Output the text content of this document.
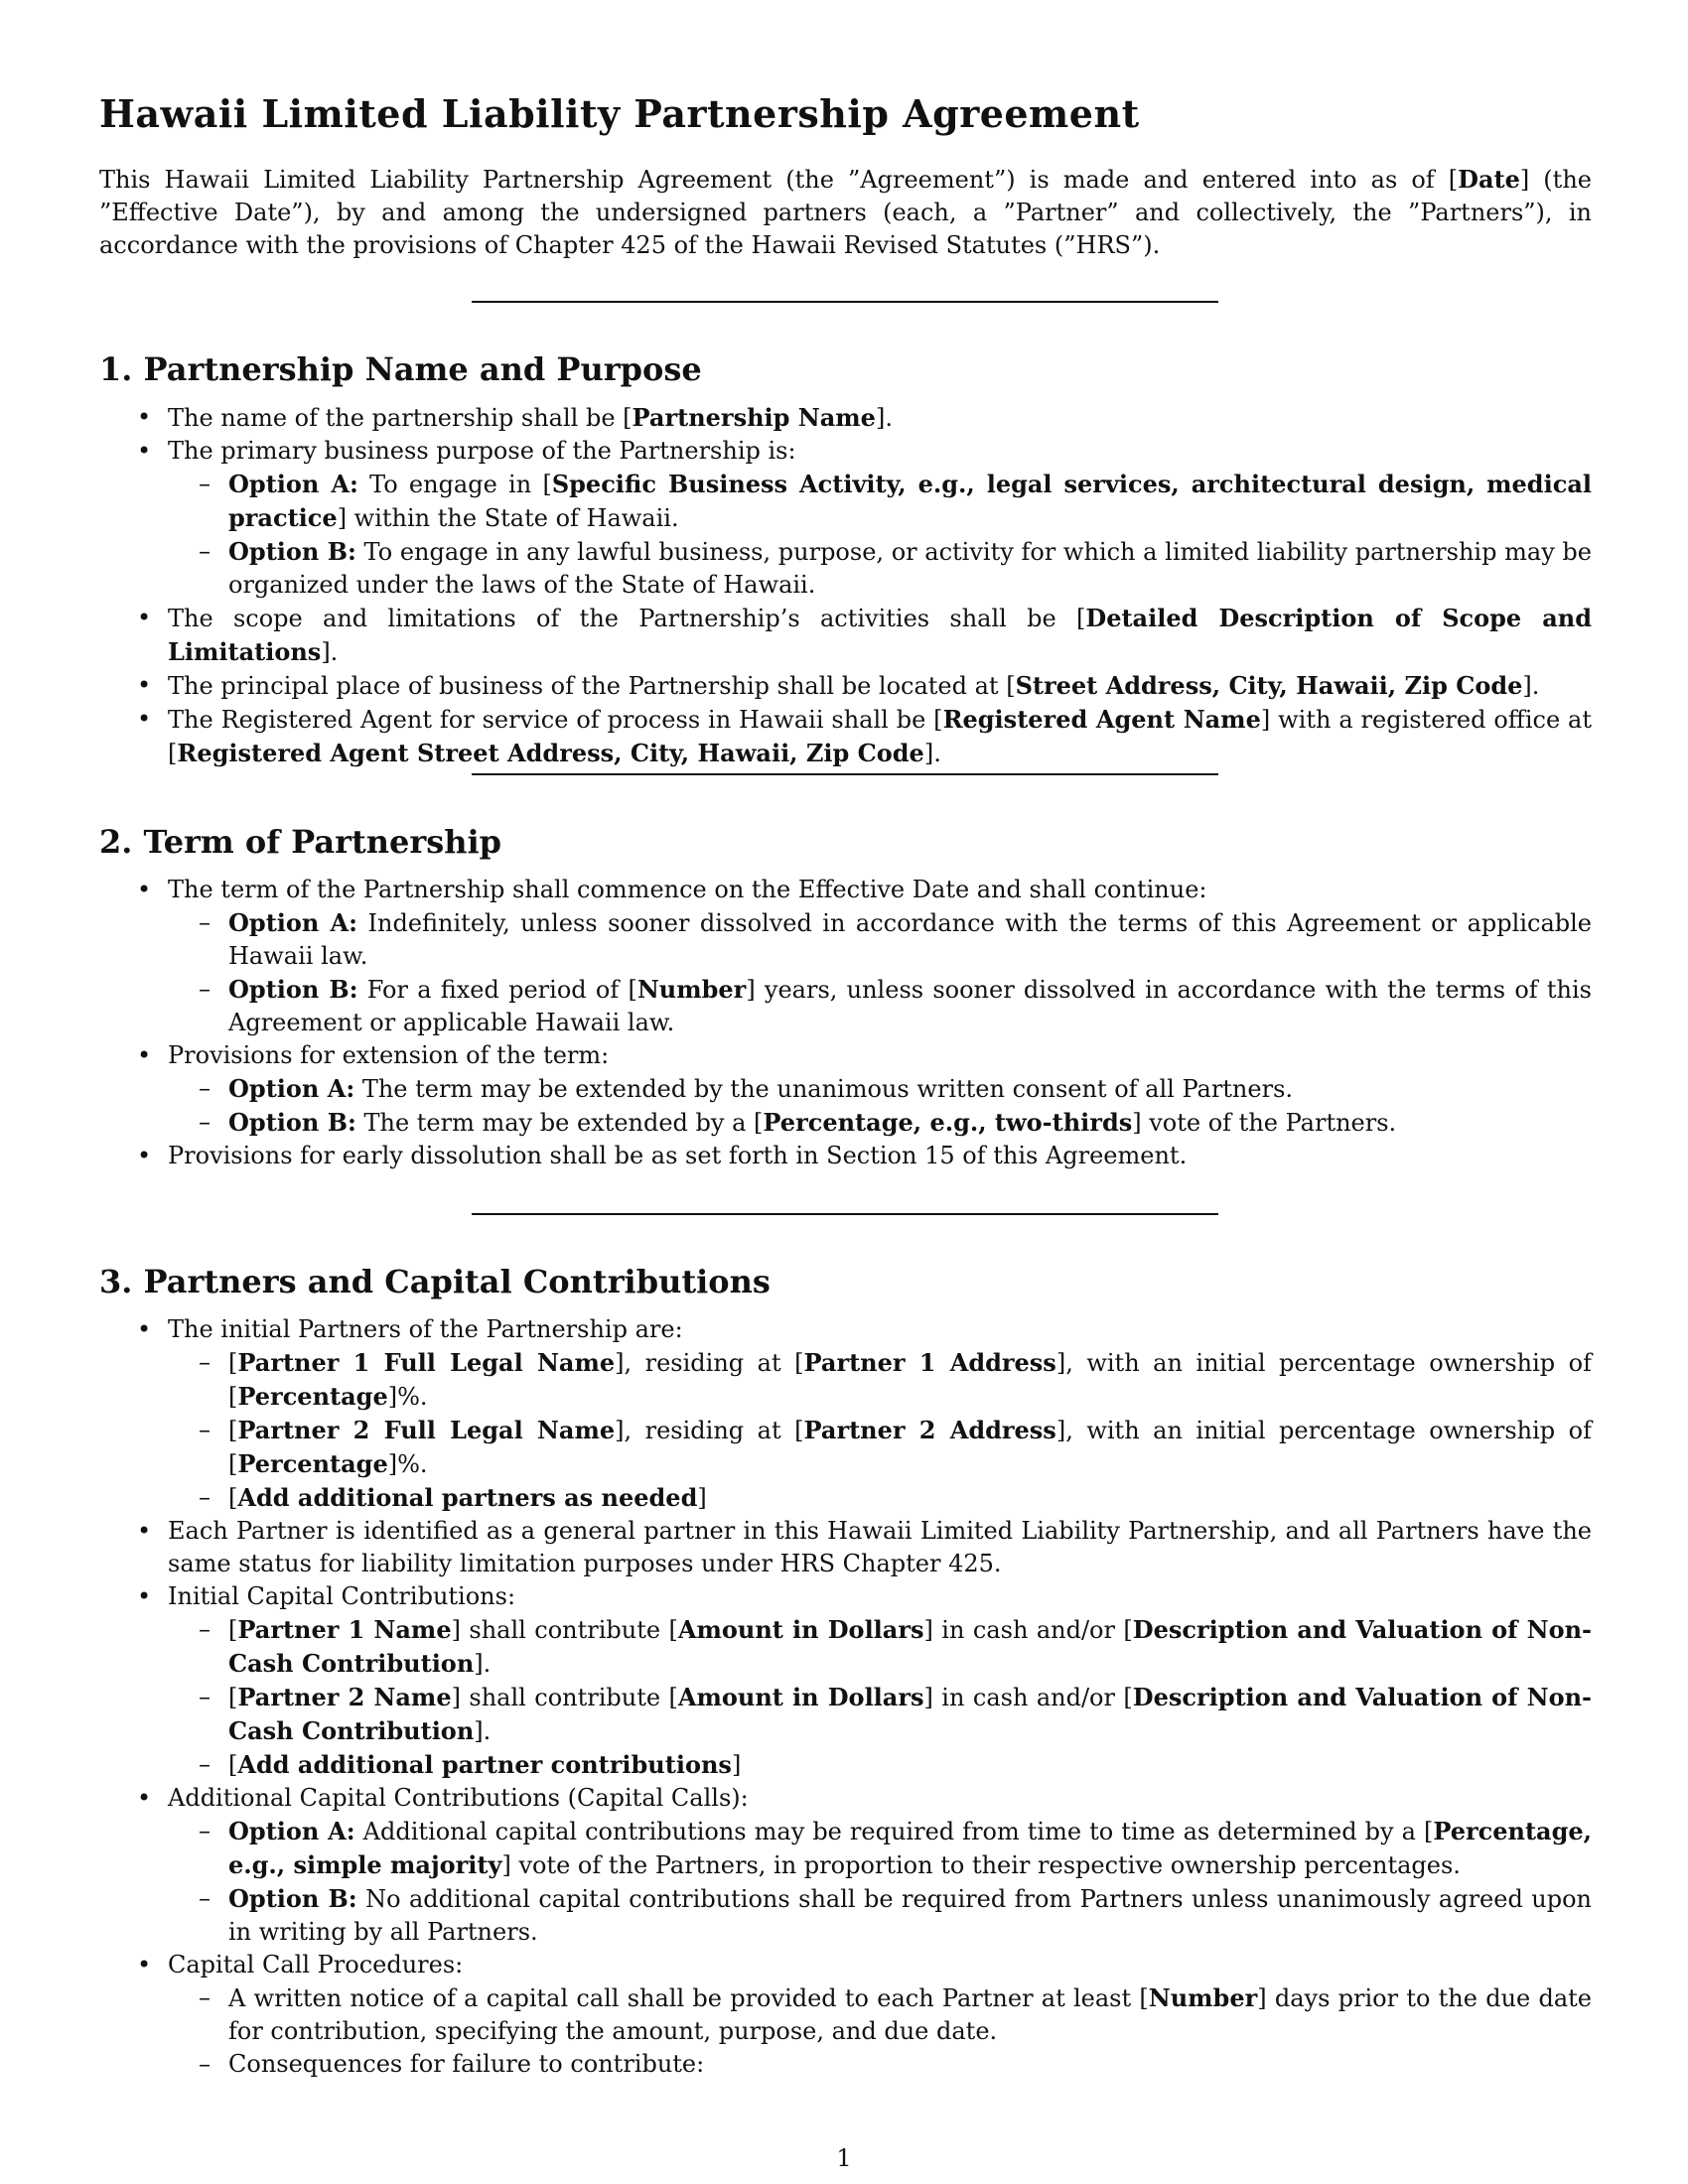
Hawaii Limited Liability Partnership Agreement
This Hawaii Limited Liability Partnership Agreement (the ”Agreement”) is made and entered into as of [Date] (the ”Effective Date”), by and among the undersigned partners (each, a ”Partner” and collectively, the ”Partners”), in accordance with the provisions of Chapter 425 of the Hawaii Revised Statutes (”HRS”).
1. Partnership Name and Purpose
• The name of the partnership shall be [Partnership Name].
• The primary business purpose of the Partnership is:
– Option A: To engage in [Specific Business Activity, e.g., legal services, architectural design, medical practice] within the State of Hawaii.
– Option B: To engage in any lawful business, purpose, or activity for which a limited liability partnership may be organized under the laws of the State of Hawaii.
• The scope and limitations of the Partnership’s activities shall be [Detailed Description of Scope and Limitations].
• The principal place of business of the Partnership shall be located at [Street Address, City, Hawaii, Zip Code].
• The Registered Agent for service of process in Hawaii shall be [Registered Agent Name] with a registered office at [Registered Agent Street Address, City, Hawaii, Zip Code].
2. Term of Partnership
• The term of the Partnership shall commence on the Effective Date and shall continue:
– Option A: Indefinitely, unless sooner dissolved in accordance with the terms of this Agreement or applicable Hawaii law.
– Option B: For a fixed period of [Number] years, unless sooner dissolved in accordance with the terms of this Agreement or applicable Hawaii law.
• Provisions for extension of the term:
– Option A: The term may be extended by the unanimous written consent of all Partners.
– Option B: The term may be extended by a [Percentage, e.g., two-thirds] vote of the Partners.
• Provisions for early dissolution shall be as set forth in Section 15 of this Agreement.
3. Partners and Capital Contributions
• The initial Partners of the Partnership are:
– [Partner 1 Full Legal Name], residing at [Partner 1 Address], with an initial percentage ownership of [Percentage]%.
– [Partner 2 Full Legal Name], residing at [Partner 2 Address], with an initial percentage ownership of [Percentage]%.
– [Add additional partners as needed]
• Each Partner is identified as a general partner in this Hawaii Limited Liability Partnership, and all Partners have the same status for liability limitation purposes under HRS Chapter 425.
• Initial Capital Contributions:
– [Partner 1 Name] shall contribute [Amount in Dollars] in cash and/or [Description and Valuation of Non-Cash Contribution].
– [Partner 2 Name] shall contribute [Amount in Dollars] in cash and/or [Description and Valuation of Non-Cash Contribution].
– [Add additional partner contributions]
• Additional Capital Contributions (Capital Calls):
– Option A: Additional capital contributions may be required from time to time as determined by a [Percentage, e.g., simple majority] vote of the Partners, in proportion to their respective ownership percentages.
– Option B: No additional capital contributions shall be required from Partners unless unanimously agreed upon in writing by all Partners.
• Capital Call Procedures:
– A written notice of a capital call shall be provided to each Partner at least [Number] days prior to the due date for contribution, specifying the amount, purpose, and due date.
– Consequences for failure to contribute:
1
